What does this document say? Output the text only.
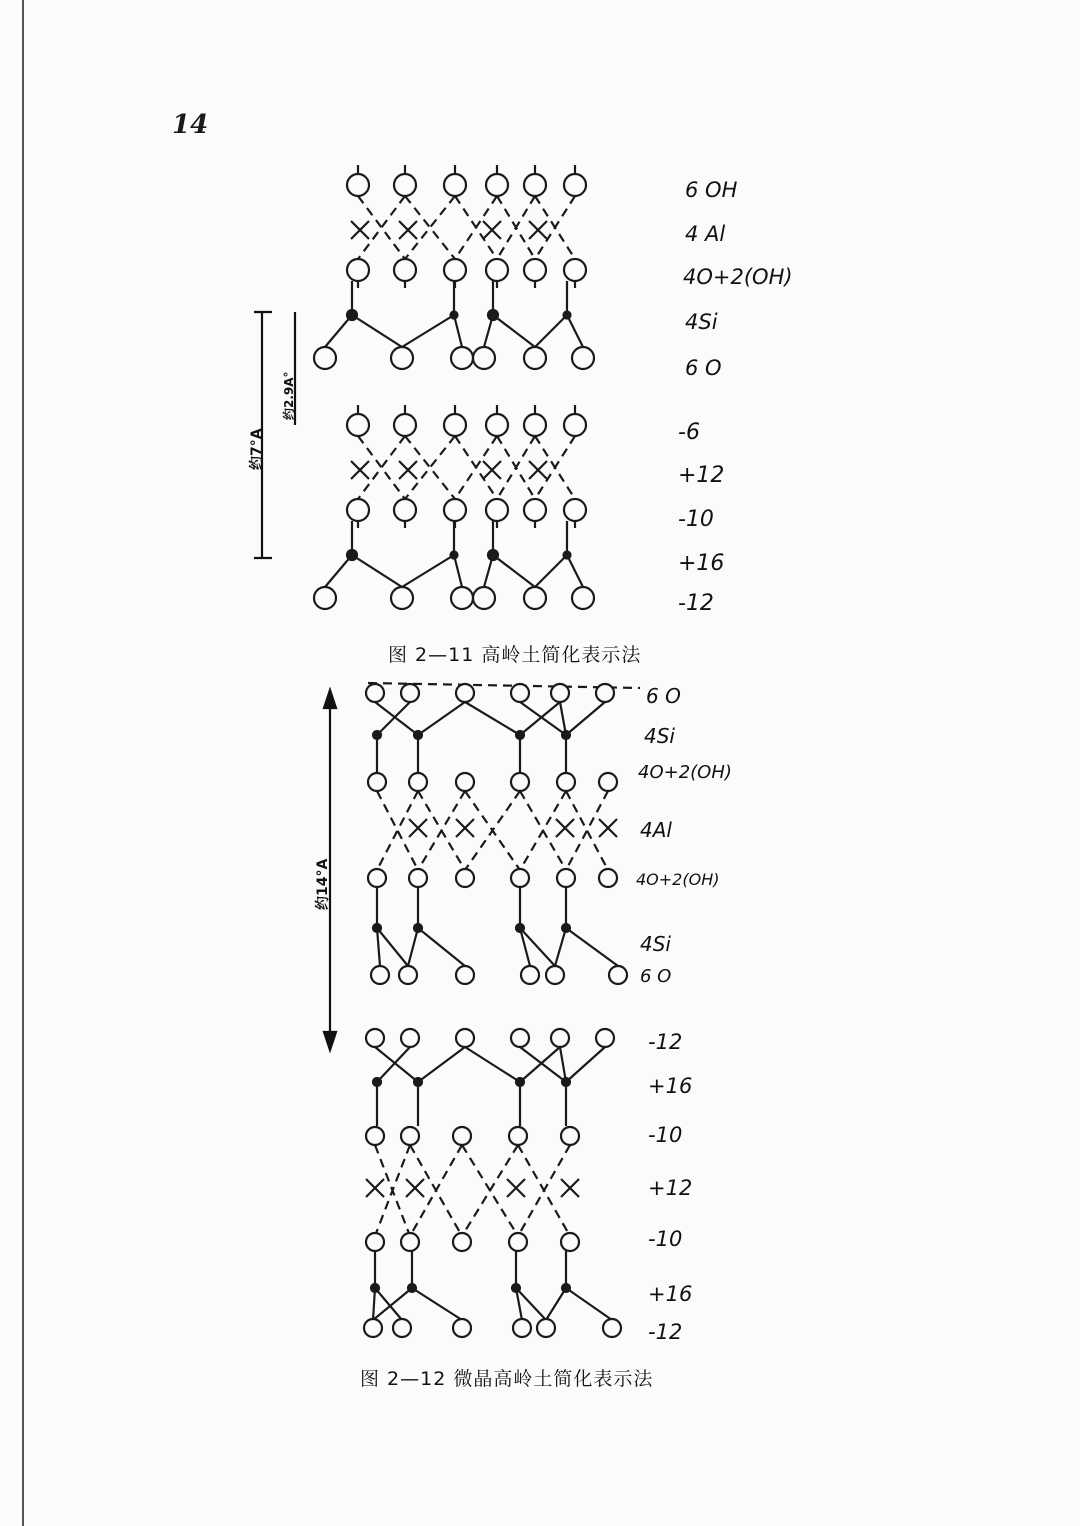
14
6 OH
4 Al
4O+2(OH)
4Si
6 O
-6
+12
-10
+16
-12
约7°A
约2.9A°
图 2—11 高岭土简化表示法
6 O
4Si
4O+2(OH)
4Al
4O+2(OH)
4Si
6 O
-12
+16
-10
+12
-10
+16
-12
约14°A
图 2—12 微晶高岭土简化表示法
